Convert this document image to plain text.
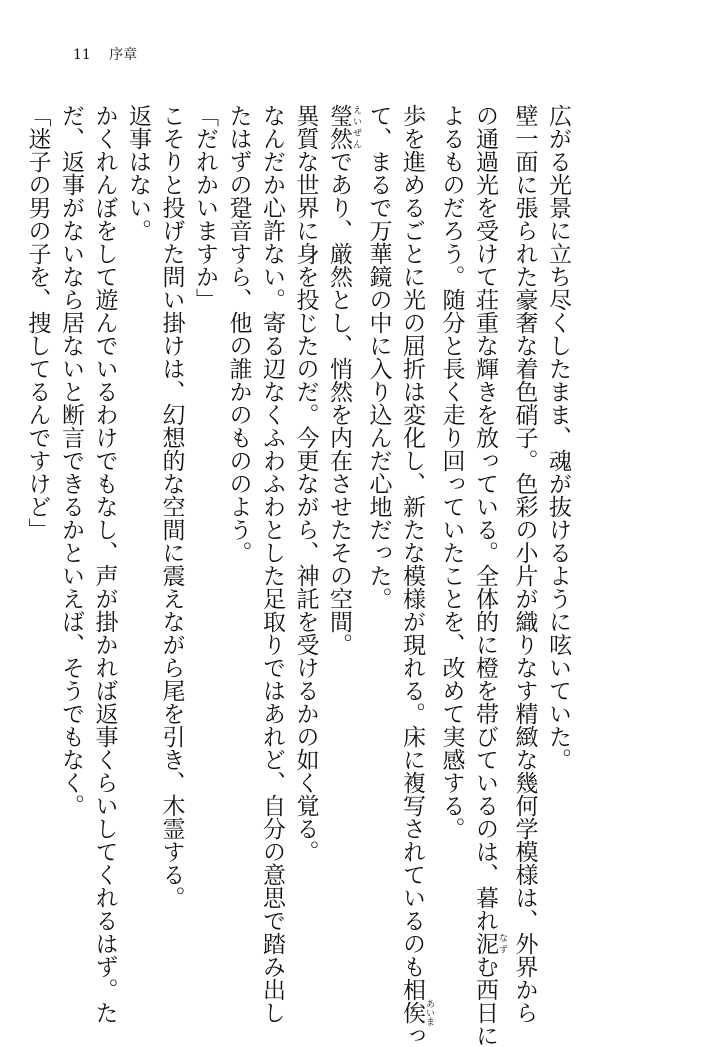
11 序章

広がる光景に立ち尽くしたまま、魂が抜けるように呟いていた。

壁一面に張られた豪奢な着色硝子。色彩の小片が織りなす精緻な幾何学模様は、外界から

の通過光を受けて荘重な輝きを放っている。全体的に橙を帯びているのは、暮れ泥 なずむ西日に

よるものだろう。随分と長く走り回っていたことを、改めて実感する。

歩を進めるごとに光の屈折は変化し、新たな模様が現れる。床に複写されているのも相俟 あいまっ

て、まるで万華鏡の中に入り込んだ心地だった。

瑩然 えいぜんであり、厳然とし、悄然を内在させたその空間。

異質な世界に身を投じたのだ。今更ながら、神託を受けるかの如く覚る。

なんだか心許ない。寄る辺なくふわふわとした足取りではあれど、自分の意思で踏み出し

たはずの跫音すら、他の誰かのもののよう。

「だれかいますか」

こそりと投げた問い掛けは、幻想的な空間に震えながら尾を引き、木霊する。

返事はない。

かくれんぼをして遊んでいるわけでもなし、声が掛かれば返事くらいしてくれるはず。た

だ、返事がないなら居ないと断言できるかといえば、そうでもなく。

「迷子の男の子を、捜してるんですけど」
